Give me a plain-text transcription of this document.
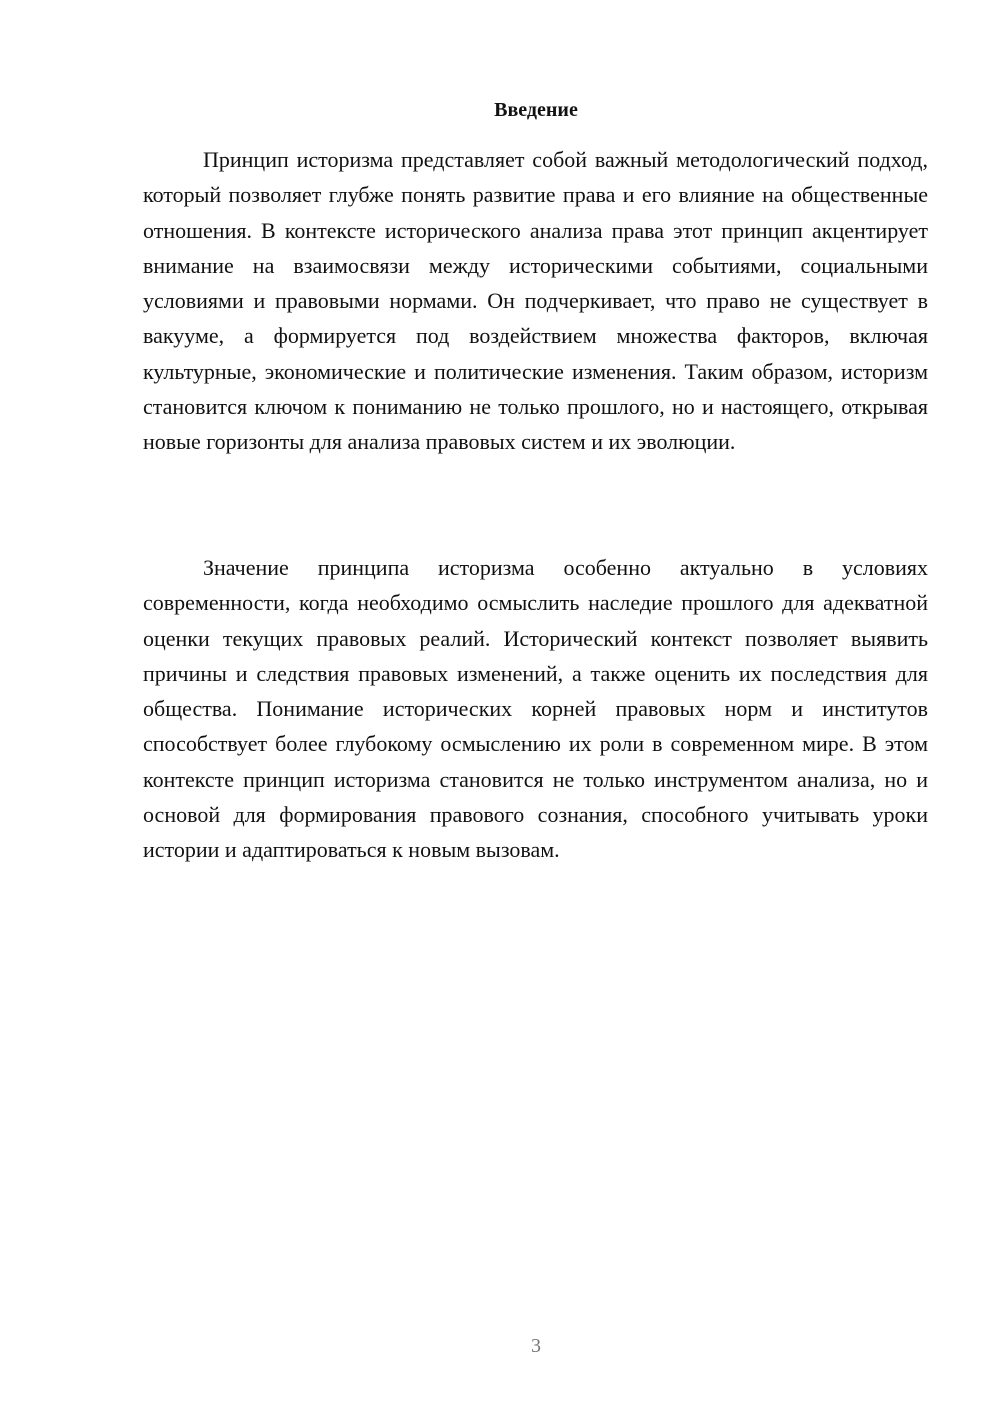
Введение

Принцип историзма представляет собой важный методологический подход, который позволяет глубже понять развитие права и его влияние на общественные отношения. В контексте исторического анализа права этот принцип акцентирует внимание на взаимосвязи между историческими событиями, социальными условиями и правовыми нормами. Он подчеркивает, что право не существует в вакууме, а формируется под воздействием множества факторов, включая культурные, экономические и политические изменения. Таким образом, историзм становится ключом к пониманию не только прошлого, но и настоящего, открывая новые горизонты для анализа правовых систем и их эволюции.

Значение принципа историзма особенно актуально в условиях современности, когда необходимо осмыслить наследие прошлого для адекватной оценки текущих правовых реалий. Исторический контекст позволяет выявить причины и следствия правовых изменений, а также оценить их последствия для общества. Понимание исторических корней правовых норм и институтов способствует более глубокому осмыслению их роли в современном мире. В этом контексте принцип историзма становится не только инструментом анализа, но и основой для формирования правового сознания, способного учитывать уроки истории и адаптироваться к новым вызовам.

3
